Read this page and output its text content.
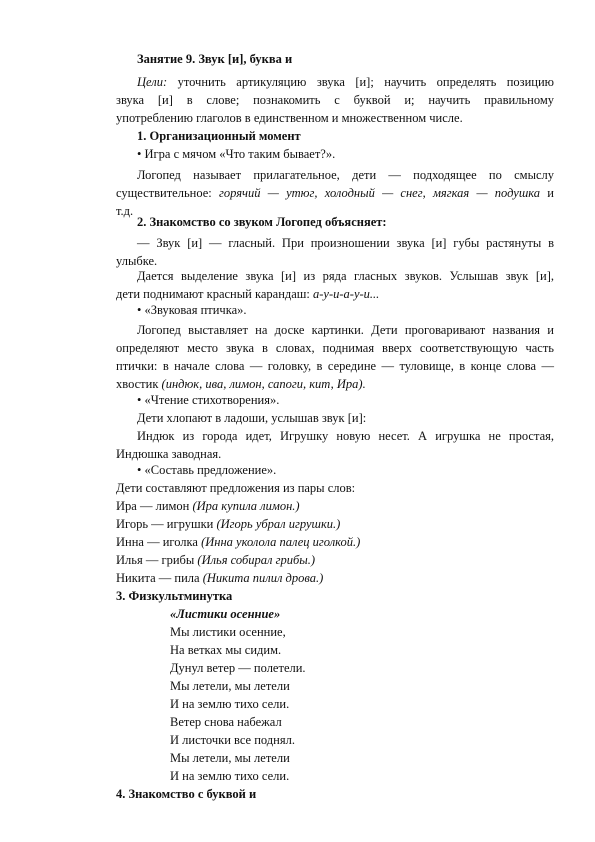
Занятие 9. Звук [и], буква и
Цели: уточнить артикуляцию звука [и]; научить определять позицию
звука [и] в слове; познакомить с буквой и; научить правильному
употреблению глаголов в единственном и множественном числе.
1. Организационный момент
• Игра с мячом «Что таким бывает?».
Логопед называет прилагательное, дети — подходящее по смыслу
существительное: горячий — утюг, холодный — снег, мягкая — подушка и
т.д.
2. Знакомство со звуком Логопед объясняет:
— Звук [и] — гласный. При произношении звука [и] губы растянуты в
улыбке.
Дается выделение звука [и] из ряда гласных звуков. Услышав звук [и],
дети поднимают красный карандаш: а-у-и-а-у-и...
• «Звуковая птичка».
Логопед выставляет на доске картинки. Дети проговаривают названия и
определяют место звука в словах, поднимая вверх соответствующую часть
птички: в начале слова — головку, в середине — туловище, в конце слова —
хвостик (индюк, ива, лимон, сапоги, кит, Ира).
• «Чтение стихотворения».
Дети хлопают в ладоши, услышав звук [и]:
Индюк из города идет, Игрушку новую несет. А игрушка не простая,
Индюшка заводная.
• «Составь предложение».
Дети составляют предложения из пары слов:
Ира — лимон (Ира купила лимон.)
Игорь — игрушки (Игорь убрал игрушки.)
Инна — иголка (Инна уколола палец иголкой.)
Илья — грибы (Илья собирал грибы.)
Никита — пила (Никита пилил дрова.)
3. Физкультминутка
«Листики осенние»
Мы листики осенние,
На ветках мы сидим.
Дунул ветер — полетели.
Мы летели, мы летели
И на землю тихо сели.
Ветер снова набежал
И листочки все поднял.
Мы летели, мы летели
И на землю тихо сели.
4. Знакомство с буквой и
